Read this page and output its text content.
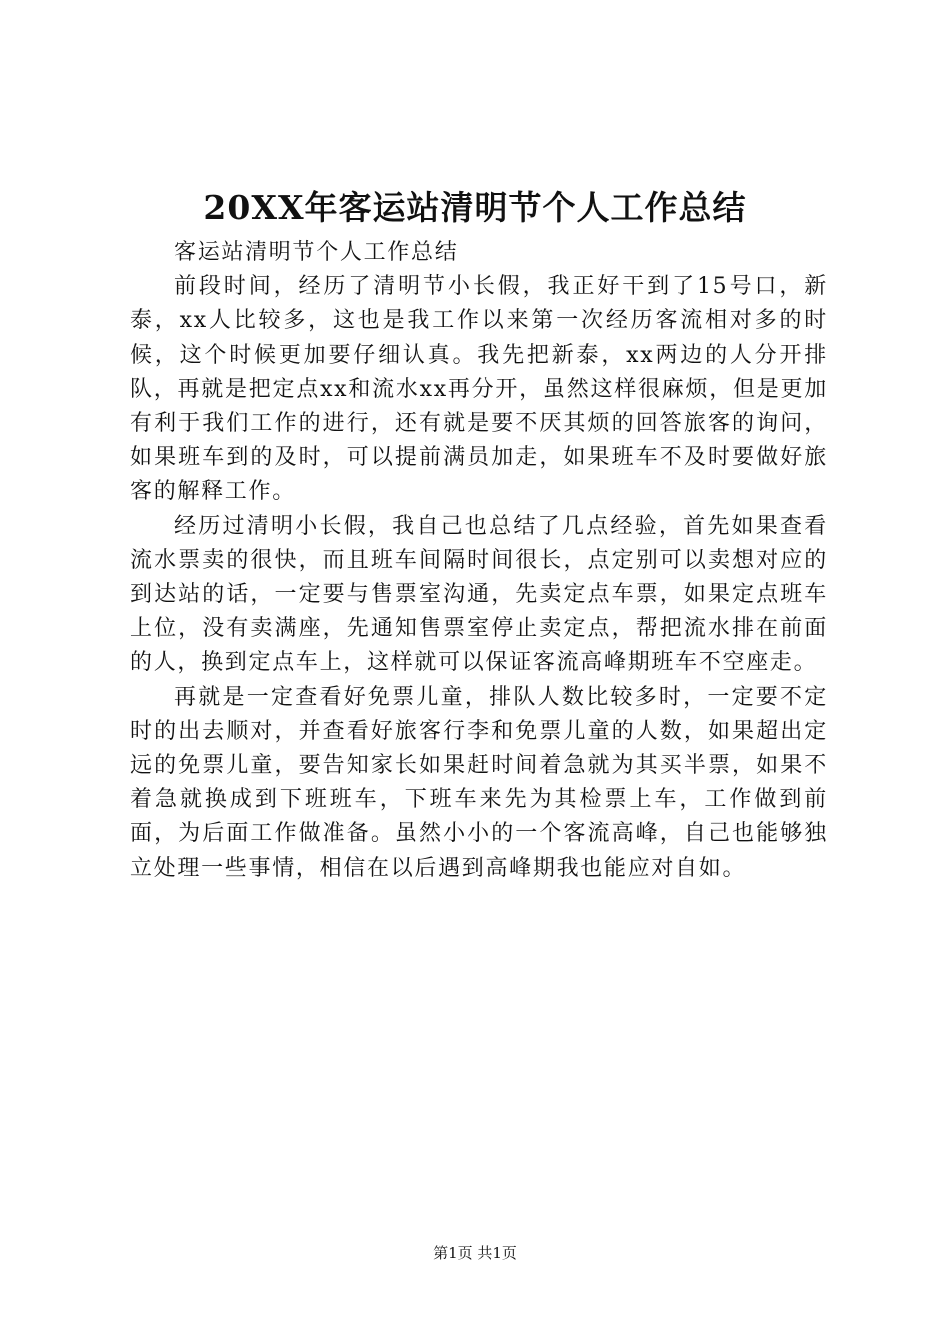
20XX年客运站清明节个人工作总结

客运站清明节个人工作总结

前段时间，经历了清明节小长假，我正好干到了15号口，新泰，xx人比较多，这也是我工作以来第一次经历客流相对多的时候，这个时候更加要仔细认真。我先把新泰，xx两边的人分开排队，再就是把定点xx和流水xx再分开，虽然这样很麻烦，但是更加有利于我们工作的进行，还有就是要不厌其烦的回答旅客的询问，如果班车到的及时，可以提前满员加走，如果班车不及时要做好旅客的解释工作。

经历过清明小长假，我自己也总结了几点经验，首先如果查看流水票卖的很快，而且班车间隔时间很长，点定别可以卖想对应的到达站的话，一定要与售票室沟通，先卖定点车票，如果定点班车上位，没有卖满座，先通知售票室停止卖定点，帮把流水排在前面的人，换到定点车上，这样就可以保证客流高峰期班车不空座走。

再就是一定查看好免票儿童，排队人数比较多时，一定要不定时的出去顺对，并查看好旅客行李和免票儿童的人数，如果超出定远的免票儿童，要告知家长如果赶时间着急就为其买半票，如果不着急就换成到下班班车，下班车来先为其检票上车，工作做到前面，为后面工作做准备。虽然小小的一个客流高峰，自己也能够独立处理一些事情，相信在以后遇到高峰期我也能应对自如。

第1页 共1页
